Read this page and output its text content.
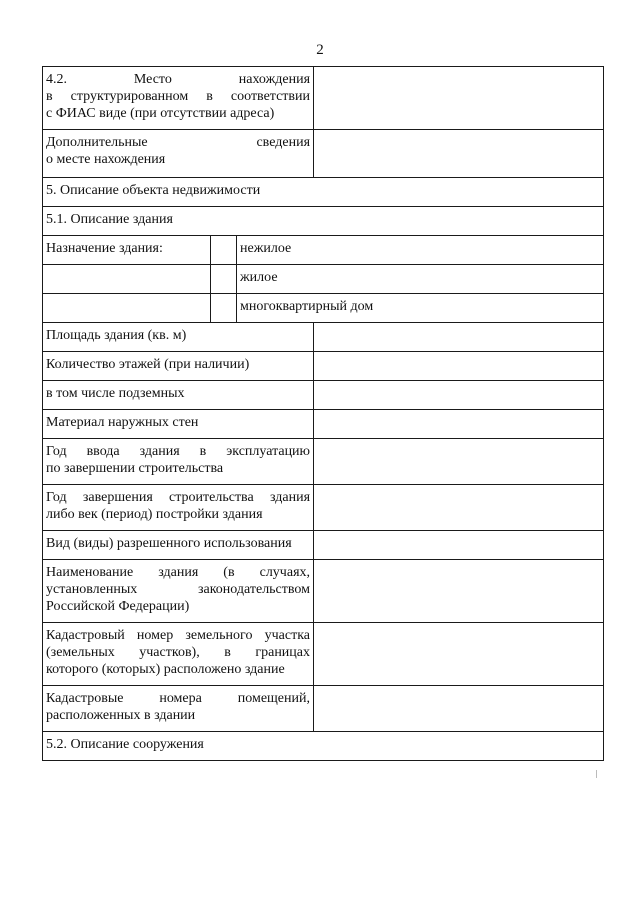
2
4.2. Место нахождения
в структурированном в соответствии
с ФИАС виде (при отсутствии адреса)			

Дополнительные сведения
о месте нахождения			

5. Описание объекта недвижимости			
5.1. Описание здания			
Назначение здания:		нежилое	
		жилое	
		многоквартирный дом	
Площадь здания (кв. м)			
Количество этажей (при наличии)			
в том числе подземных			
Материал наружных стен			

Год ввода здания в эксплуатацию
по завершении строительства			

Год завершения строительства здания
либо век (период) постройки здания			

Вид (виды) разрешенного использования			

Наименование здания (в случаях,
установленных законодательством
Российской Федерации)			

Кадастровый номер земельного участка
(земельных участков), в границах
которого (которых) расположено здание			

Кадастровые номера помещений,
расположенных в здании			

5.2. Описание сооружения			
